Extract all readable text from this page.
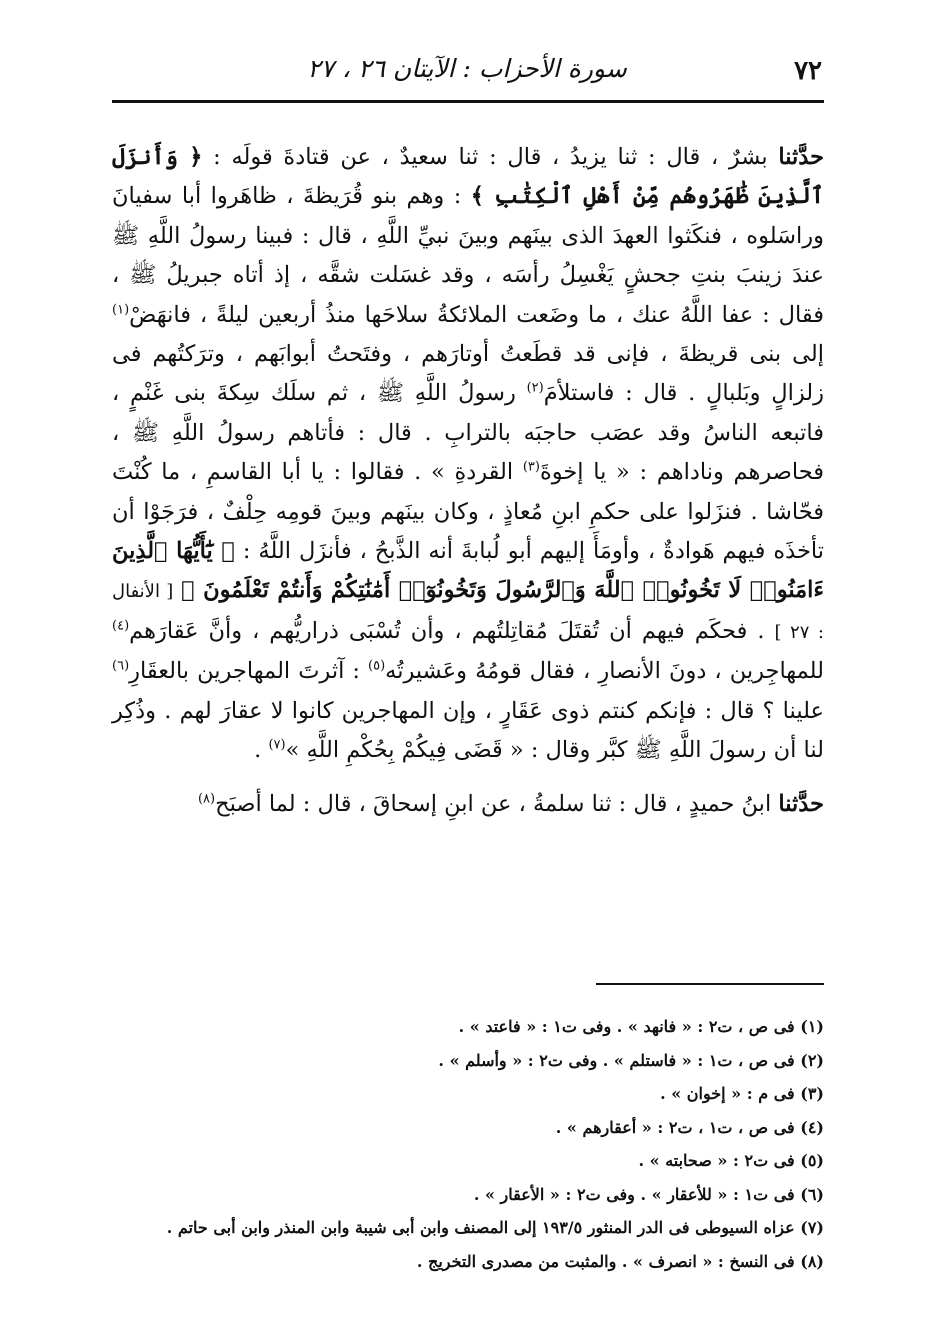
٧٢
سورة الأحزاب : الآيتان ٢٦ ، ٢٧

حدَّثنا بشرٌ ، قال : ثنا يزيدُ ، قال : ثنا سعيدٌ ، عن قتادةَ قولَه : ﴿ وَأَنزَلَ ٱلَّذِينَ ظَٰهَرُوهُم مِّنْ أَهْلِ ٱلْكِتَٰبِ ﴾ : وهم بنو قُرَيظةَ ، ظاهَروا أبا سفيانَ وراسَلوه ، فنكَثوا العهدَ الذى بينَهم وبينَ نبيِّ اللَّهِ ، قال : فبينا رسولُ اللَّهِ ﷺ عندَ زينبَ بنتِ جحشٍ يَغْسِلُ رأسَه ، وقد غسَلت شقَّه ، إذ أتاه جبريلُ ﷺ ، فقال : عفا اللَّهُ عنك ، ما وضَعت الملائكةُ سلاحَها منذُ أربعين ليلةً ، فانهَضْ$^{(١)}$ إلى بنى قريظةَ ، فإنى قد قطَعتُ أوتارَهم ، وفتَحتُ أبوابَهم ، وترَكتُهم فى زلزالٍ وبَلبالٍ . قال : فاستلأمَ$^{(٢)}$ رسولُ اللَّهِ ﷺ ، ثم سلَك سِكةَ بنى غَنْمٍ ، فاتبعه الناسُ وقد عصَب حاجبَه بالترابِ . قال : فأتاهم رسولُ اللَّهِ ﷺ ، فحاصرهم وناداهم : « يا إخوةَ$^{(٣)}$ القردةِ » . فقالوا : يا أبا القاسمِ ، ما كُنْتَ فحّاشا . فنزَلوا على حكمِ ابنِ مُعاذٍ ، وكان بينَهم وبينَ قومِه حِلْفٌ ، فرَجَوْا أن تأخذَه فيهم هَوادةٌ ، وأومَأَ إليهم أبو لُبابةَ أنه الذَّبحُ ، فأنزَل اللَّهُ : ﴿ يَٰٓأَيُّهَا ٱلَّذِينَ ءَامَنُوا۟ لَا تَخُونُوا۟ ٱللَّهَ وَٱلرَّسُولَ وَتَخُونُوٓا۟ أَمَٰنَٰتِكُمْ وَأَنتُمْ تَعْلَمُونَ ﴾ [ الأنفال : ٢٧ ] . فحكَم فيهم أن تُقتَلَ مُقاتِلتُهم ، وأن تُسْبَى ذراريُّهم ، وأنَّ عَقارَهم$^{(٤)}$ للمهاجِرين ، دونَ الأنصارِ ، فقال قومُهُ وعَشيرتُه$^{(٥)}$ : آثرتَ المهاجرين بالعقَارِ$^{(٦)}$ علينا ؟ قال : فإنكم كنتم ذوى عَقَارٍ ، وإن المهاجرين كانوا لا عقارَ لهم . وذُكِر لنا أن رسولَ اللَّهِ ﷺ كبَّر وقال : « قَضَى فِيكُمْ بِحُكْمِ اللَّهِ »$^{(٧)}$ .

حدَّثنا ابنُ حميدٍ ، قال : ثنا سلمةُ ، عن ابنِ إسحاقَ ، قال : لما أصبَح$^{(٨)}$

(١) فى ص ، ت٢ : « فانهد » . وفى ت١ : « فاعتد » .
(٢) فى ص ، ت١ : « فاستلم » . وفى ت٢ : « وأسلم » .
(٣) فى م : « إخوان » .
(٤) فى ص ، ت١ ، ت٢ : « أعقارهم » .
(٥) فى ت٢ : « صحابته » .
(٦) فى ت١ : « للأعقار » . وفى ت٢ : « الأعقار » .
(٧) عزاه السيوطى فى الدر المنثور ١٩٣/٥ إلى المصنف وابن أبى شيبة وابن المنذر وابن أبى حاتم .
(٨) فى النسخ : « انصرف » . والمثبت من مصدرى التخريج .
